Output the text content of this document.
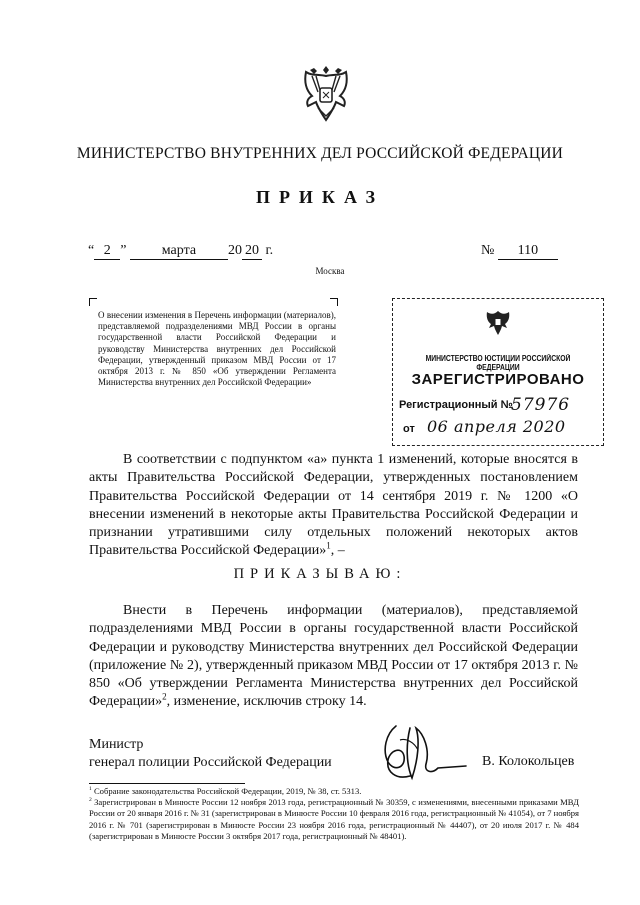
МИНИСТЕРСТВО ВНУТРЕННИХ ДЕЛ РОССИЙСКОЙ ФЕДЕРАЦИИ
ПРИКАЗ
“ 2 ”	марта 20 20 г.	№ 110
Москва
О внесении изменения в Перечень информации (материалов), представляемой подразделениями МВД России в органы государственной власти Российской Федерации и руководству Министерства внутренних дел Российской Федерации, утвержденный приказом МВД России от 17 октября 2013 г. № 850 «Об утверждении Регламента Министерства внутренних дел Российской Федерации»
МИНИСТЕРСТВО ЮСТИЦИИ РОССИЙСКОЙ ФЕДЕРАЦИИ
ЗАРЕГИСТРИРОВАНО
Регистрационный №
57976
от 06 апреля 2020
В соответствии с подпунктом «а» пункта 1 изменений, которые вносятся в акты Правительства Российской Федерации, утвержденных постановлением Правительства Российской Федерации от 14 сентября 2019 г. № 1200 «О внесении изменений в некоторые акты Правительства Российской Федерации и признании утратившими силу отдельных положений некоторых актов Правительства Российской Федерации»$^1$, –
ПРИКАЗЫВАЮ:
Внести в Перечень информации (материалов), представляемой подразделениями МВД России в органы государственной власти Российской Федерации и руководству Министерства внутренних дел Российской Федерации (приложение № 2), утвержденный приказом МВД России от 17 октября 2013 г. № 850 «Об утверждении Регламента Министерства внутренних дел Российской Федерации»$^2$, изменение, исключив строку 14.
Министр
генерал полиции Российской Федерации	В. Колокольцев
$^1$ Собрание законодательства Российской Федерации, 2019, № 38, ст. 5313.
$^2$ Зарегистрирован в Минюсте России 12 ноября 2013 года, регистрационный № 30359, с изменениями, внесенными приказами МВД России от 20 января 2016 г. № 31 (зарегистрирован в Минюсте России 10 февраля 2016 года, регистрационный № 41054), от 7 ноября 2016 г. № 701 (зарегистрирован в Минюсте России 23 ноября 2016 года, регистрационный № 44407), от 20 июля 2017 г. № 484 (зарегистрирован в Минюсте России 3 октября 2017 года, регистрационный № 48401).
